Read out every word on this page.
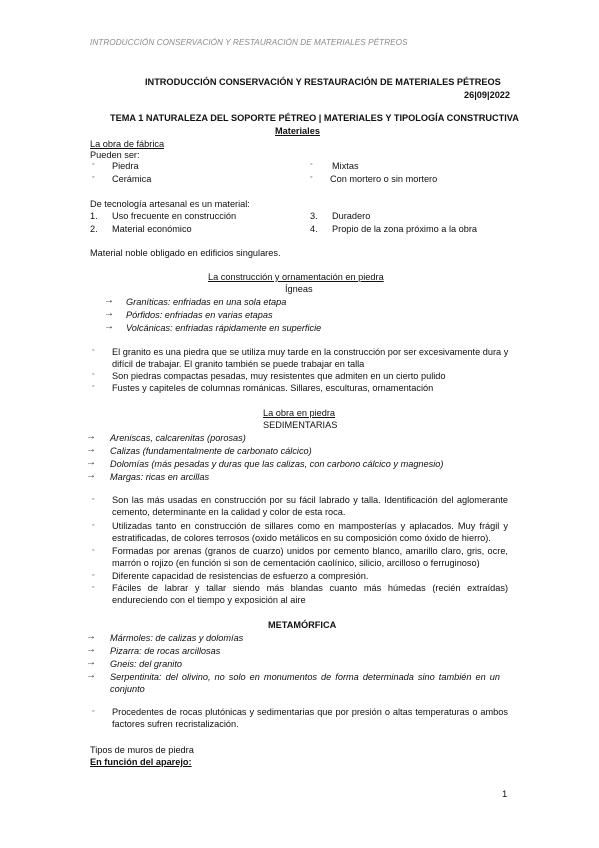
INTRODUCCIÓN CONSERVACIÓN Y RESTAURACIÓN DE MATERIALES PÉTREOS
INTRODUCCIÓN CONSERVACIÓN Y RESTAURACIÓN DE MATERIALES PÉTREOS
26|09|2022
TEMA 1 NATURALEZA DEL SOPORTE PÉTREO | MATERIALES Y TIPOLOGÍA CONSTRUCTIVA
Materiales
La obra de fábrica
Pueden ser:
◦ Piedra
◦ Cerámica
◦ Mixtas
◦ Con mortero o sin mortero
De tecnología artesanal es un material:
1. Uso frecuente en construcción
2. Material económico
3. Duradero
4. Propio de la zona próximo a la obra
Material noble obligado en edificios singulares.
La construcción y ornamentación en piedra
Ígneas
→ Graníticas: enfriadas en una sola etapa
→ Pórfidos: enfriadas en varias etapas
→ Volcánicas: enfriadas rápidamente en superficie
◦ El granito es una piedra que se utiliza muy tarde en la construcción por ser excesivamente dura y
difícil de trabajar. El granito también se puede trabajar en talla
◦ Son piedras compactas pesadas, muy resistentes que admiten en un cierto pulido
◦ Fustes y capiteles de columnas románicas. Sillares, esculturas, ornamentación
La obra en piedra
SEDIMENTARIAS
→ Areniscas, calcarenitas (porosas)
→ Calizas (fundamentalmente de carbonato cálcico)
→ Dolomías (más pesadas y duras que las calizas, con carbono cálcico y magnesio)
→ Margas: ricas en arcillas
◦ Son las más usadas en construcción por su fácil labrado y talla. Identificación del aglomerante cemento, determinante en la calidad y color de esta roca.
◦ Utilizadas tanto en construcción de sillares como en mamposterías y aplacados. Muy frágil y estratificadas, de colores terrosos (oxido metálicos en su composición como óxido de hierro).
◦ Formadas por arenas (granos de cuarzo) unidos por cemento blanco, amarillo claro, gris, ocre, marrón o rojizo (en función si son de cementación caolínico, silicio, arcilloso o ferruginoso)
◦ Diferente capacidad de resistencias de esfuerzo a compresión.
◦ Fáciles de labrar y tallar siendo más blandas cuanto más húmedas (recién extraídas) endureciendo con el tiempo y exposición al aire
METAMÓRFICA
→ Mármoles: de calizas y dolomías
→ Pizarra: de rocas arcillosas
→ Gneis: del granito
→ Serpentinita: del olivino, no solo en monumentos de forma determinada sino también en un conjunto
◦ Procedentes de rocas plutónicas y sedimentarias que por presión o altas temperaturas o ambos factores sufren recristalización.
Tipos de muros de piedra
En función del aparejo:
1
